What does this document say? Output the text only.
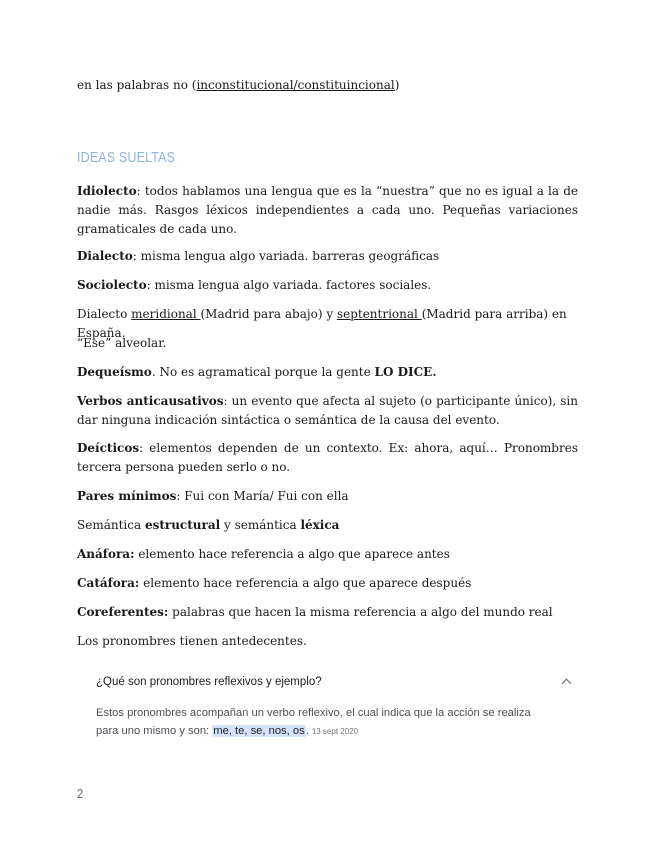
en las palabras no (inconstitucional/constituincional)
IDEAS SUELTAS
Idiolecto: todos hablamos una lengua que es la “nuestra” que no es igual a la de nadie más. Rasgos léxicos independientes a cada uno. Pequeñas variaciones gramaticales de cada uno.
Dialecto: misma lengua algo variada. barreras geográficas
Sociolecto: misma lengua algo variada. factores sociales.
Dialecto meridional (Madrid para abajo) y septentrional (Madrid para arriba) en España.
“Ese” alveolar.
Dequeísmo. No es agramatical porque la gente LO DICE.
Verbos anticausativos: un evento que afecta al sujeto (o participante único), sin dar ninguna indicación sintáctica o semántica de la causa del evento.
Deícticos: elementos dependen de un contexto. Ex: ahora, aquí… Pronombres tercera persona pueden serlo o no.
Pares mínimos: Fui con María/ Fui con ella
Semántica estructural y semántica léxica
Anáfora: elemento hace referencia a algo que aparece antes
Catáfora: elemento hace referencia a algo que aparece después
Coreferentes: palabras que hacen la misma referencia a algo del mundo real
Los pronombres tienen antedecentes.
¿Qué son pronombres reflexivos y ejemplo?
Estos pronombres acompañan un verbo reflexivo, el cual indica que la acción se realiza
para uno mismo y son: me, te, se, nos, os. 13 sept 2020
2
